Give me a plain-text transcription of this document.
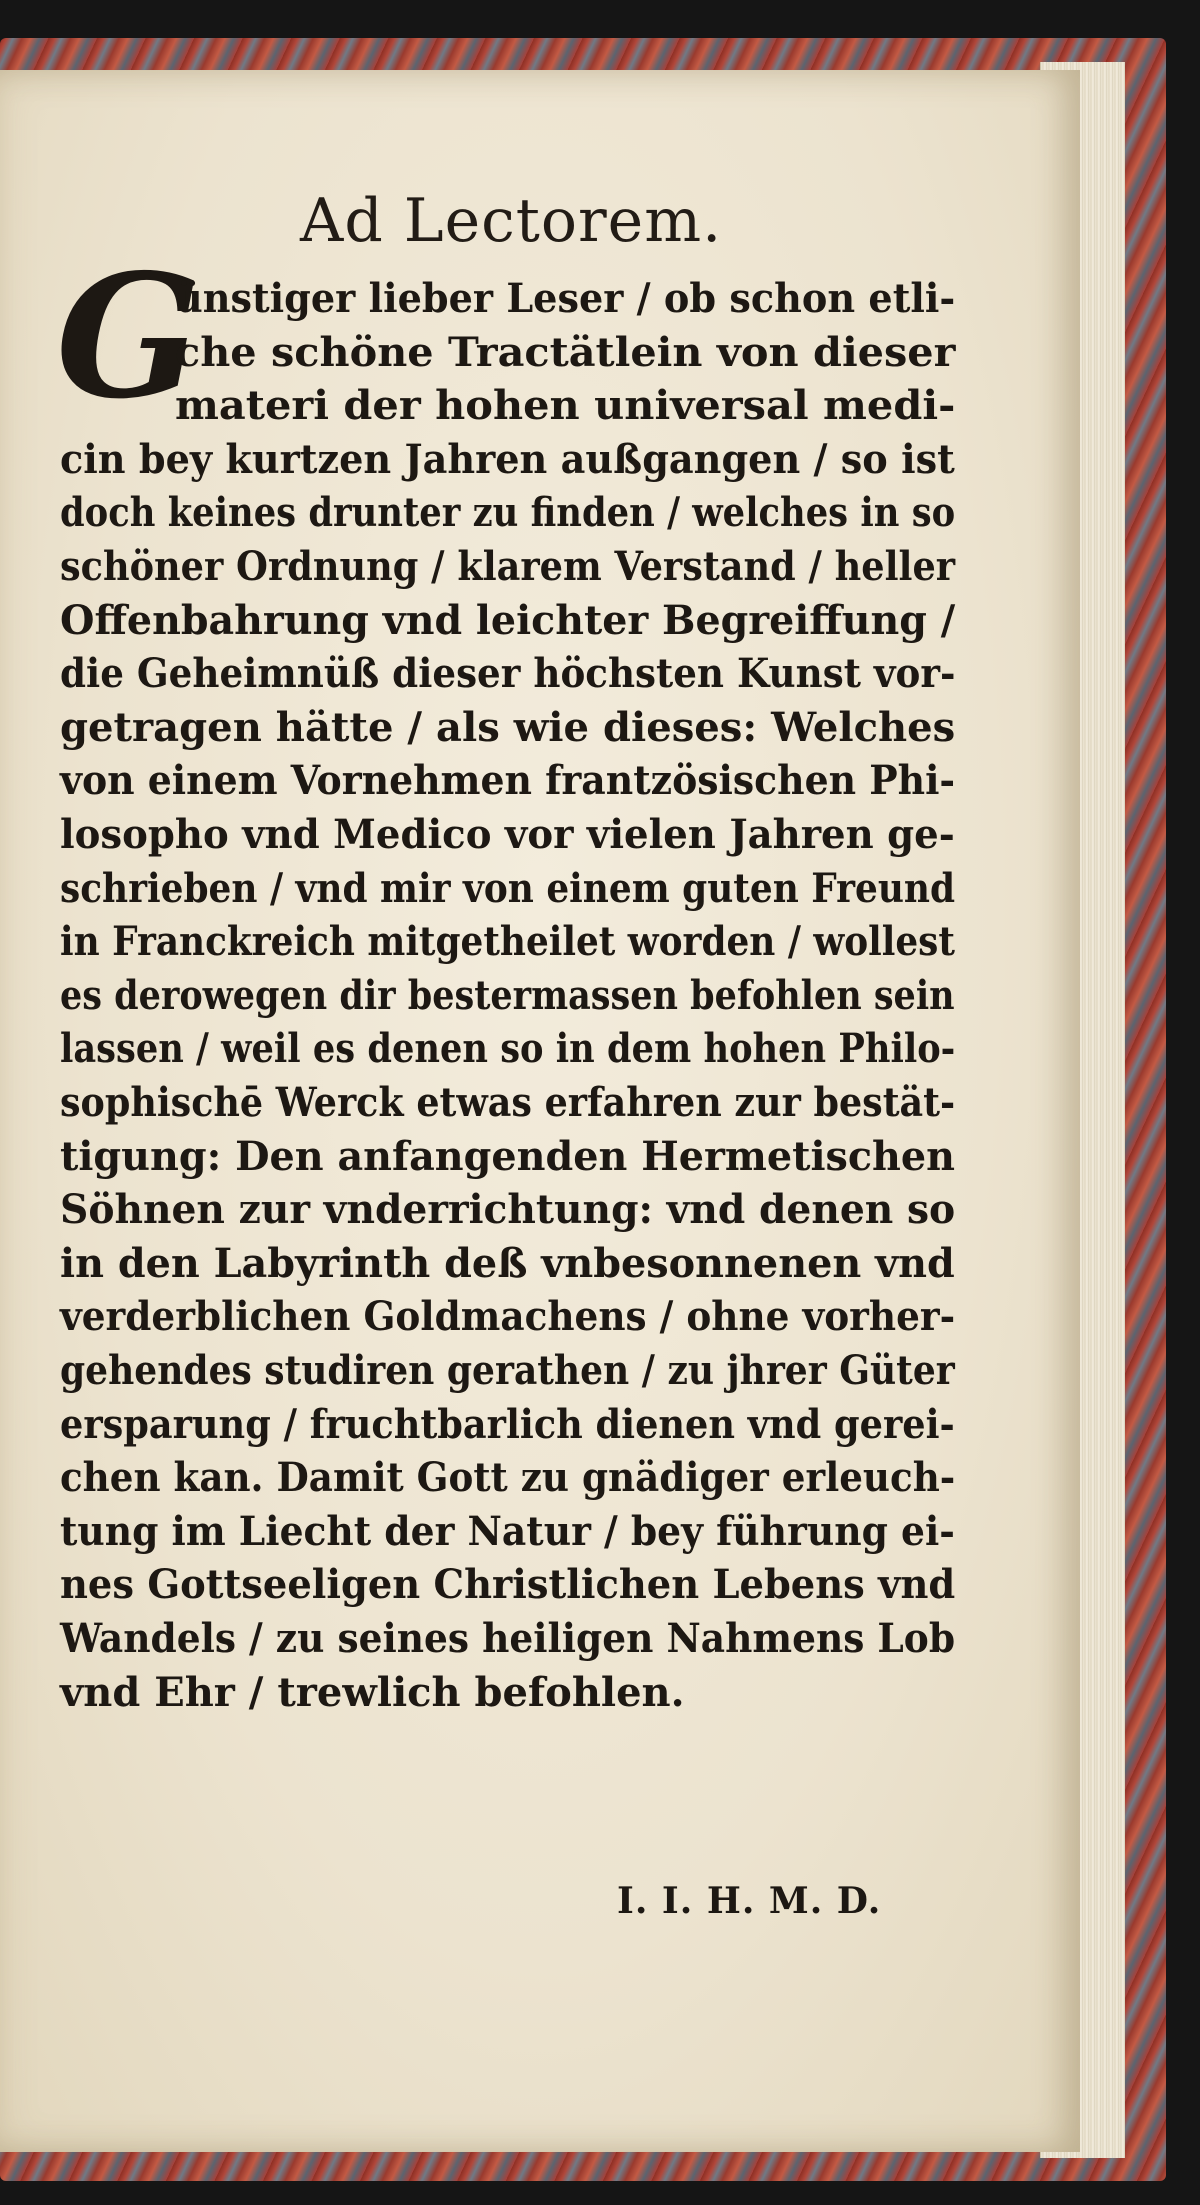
Ad Lectorem.
G
ünstiger lieber Leser / ob schon etli-
che schöne Tractätlein von dieser
materi der hohen universal medi-
cin bey kurtzen Jahren außgangen / so ist
doch keines drunter zu finden / welches in so
schöner Ordnung / klarem Verstand / heller
Offenbahrung vnd leichter Begreiffung /
die Geheimnüß dieser höchsten Kunst vor-
getragen hätte / als wie dieses: Welches
von einem Vornehmen frantzösischen Phi-
losopho vnd Medico vor vielen Jahren ge-
schrieben / vnd mir von einem guten Freund
in Franckreich mitgetheilet worden / wollest
es derowegen dir bestermassen befohlen sein
lassen / weil es denen so in dem hohen Philo-
sophischē Werck etwas erfahren zur bestät-
tigung: Den anfangenden Hermetischen
Söhnen zur vnderrichtung: vnd denen so
in den Labyrinth deß vnbesonnenen vnd
verderblichen Goldmachens / ohne vorher-
gehendes studiren gerathen / zu jhrer Güter
ersparung / fruchtbarlich dienen vnd gerei-
chen kan. Damit Gott zu gnädiger erleuch-
tung im Liecht der Natur / bey führung ei-
nes Gottseeligen Christlichen Lebens vnd
Wandels / zu seines heiligen Nahmens Lob
vnd Ehr / trewlich befohlen.
I. I. H. M. D.
